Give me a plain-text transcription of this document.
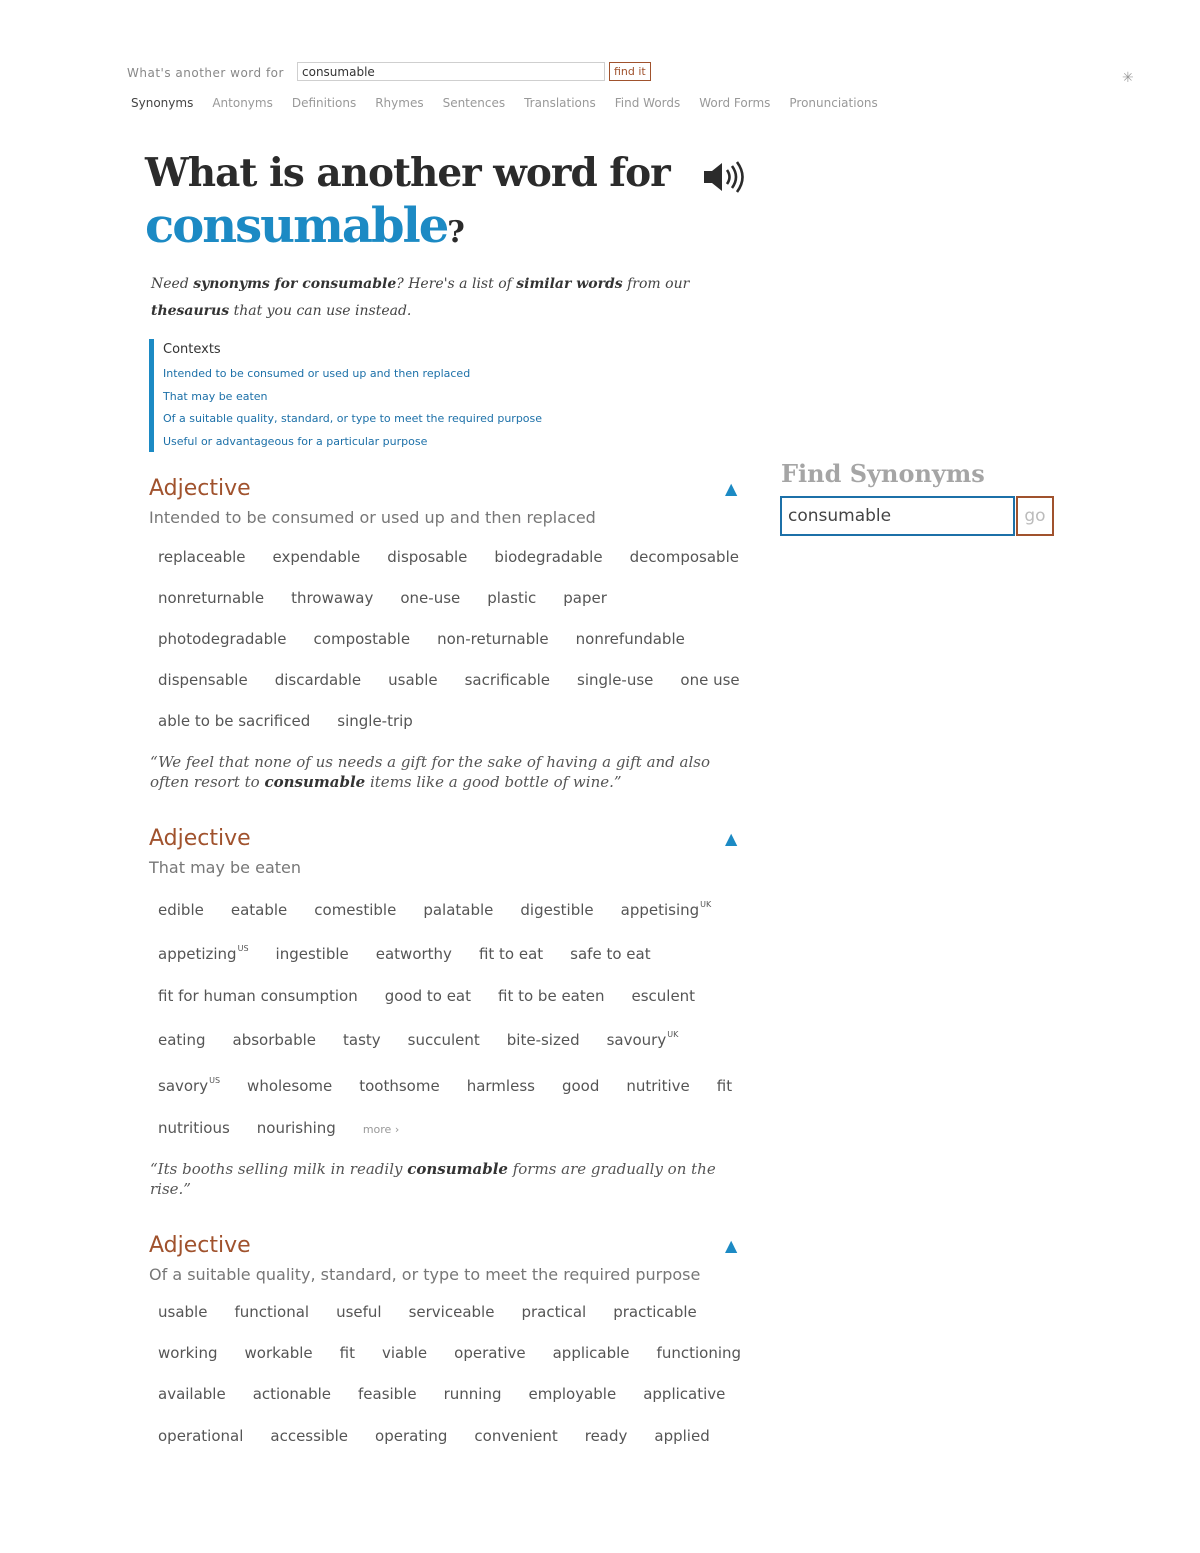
What's another word for
consumable	find it	✳
Synonyms Antonyms Definitions Rhymes Sentences Translations Find Words Word Forms Pronunciations
What is another word for
consumable?

Need synonyms for consumable? Here's a list of similar words from our thesaurus that you can use instead.

Contexts
Intended to be consumed or used up and then replaced
That may be eaten
Of a suitable quality, standard, or type to meet the required purpose
Useful or advantageous for a particular purpose
Adjective
Intended to be consumed or used up and then replaced
▲
replaceable expendable disposable biodegradable decomposable
nonreturnable throwaway one-use plastic paper
photodegradable compostable non-returnable nonrefundable
dispensable discardable usable sacrificable single-use one use
able to be sacrificed single-trip

“We feel that none of us needs a gift for the sake of having a gift and also often resort to consumable items like a good bottle of wine.”

Adjective
That may be eaten
▲
edible eatable comestible palatable digestible appetising$^{UK}$
appetizing$^{US}$ ingestible eatworthy fit to eat safe to eat
fit for human consumption good to eat fit to be eaten esculent
eating absorbable tasty succulent bite-sized savoury$^{UK}$
savory$^{US}$ wholesome toothsome harmless good nutritive fit
nutritious nourishing more ›

“Its booths selling milk in readily consumable forms are gradually on the rise.”

Adjective
Of a suitable quality, standard, or type to meet the required purpose
▲
usable functional useful serviceable practical practicable
working workable fit viable operative applicable functioning
available actionable feasible running employable applicative
operational accessible operating convenient ready applied
Find Synonyms
consumable
go
